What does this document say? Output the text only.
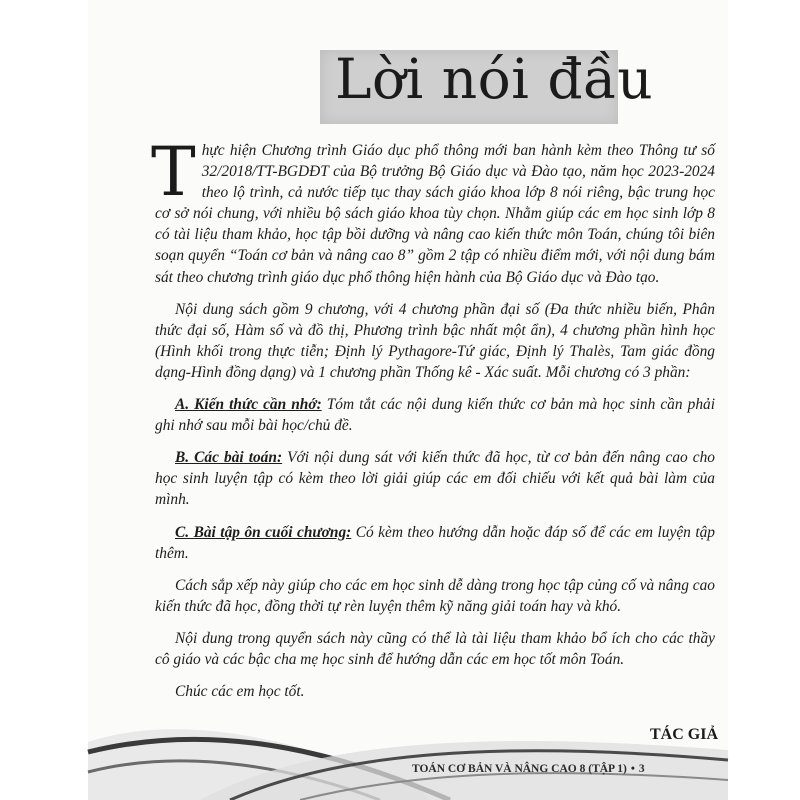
Lời nói đầu

Thực hiện Chương trình Giáo dục phổ thông mới ban hành kèm theo Thông tư số 32/2018/TT-BGDĐT của Bộ trưởng Bộ Giáo dục và Đào tạo, năm học 2023-2024 theo lộ trình, cả nước tiếp tục thay sách giáo khoa lớp 8 nói riêng, bậc trung học cơ sở nói chung, với nhiều bộ sách giáo khoa tùy chọn. Nhằm giúp các em học sinh lớp 8 có tài liệu tham khảo, học tập bồi dưỡng và nâng cao kiến thức môn Toán, chúng tôi biên soạn quyển “Toán cơ bản và nâng cao 8” gồm 2 tập có nhiều điểm mới, với nội dung bám sát theo chương trình giáo dục phổ thông hiện hành của Bộ Giáo dục và Đào tạo.

Nội dung sách gồm 9 chương, với 4 chương phần đại số (Đa thức nhiều biến, Phân thức đại số, Hàm số và đồ thị, Phương trình bậc nhất một ẩn), 4 chương phần hình học (Hình khối trong thực tiễn; Định lý Pythagore-Tứ giác, Định lý Thalès, Tam giác đồng dạng-Hình đồng dạng) và 1 chương phần Thống kê - Xác suất. Mỗi chương có 3 phần:

A. Kiến thức cần nhớ: Tóm tắt các nội dung kiến thức cơ bản mà học sinh cần phải ghi nhớ sau mỗi bài học/chủ đề.

B. Các bài toán: Với nội dung sát với kiến thức đã học, từ cơ bản đến nâng cao cho học sinh luyện tập có kèm theo lời giải giúp các em đối chiếu với kết quả bài làm của mình.

C. Bài tập ôn cuối chương: Có kèm theo hướng dẫn hoặc đáp số để các em luyện tập thêm.

Cách sắp xếp này giúp cho các em học sinh dễ dàng trong học tập củng cố và nâng cao kiến thức đã học, đồng thời tự rèn luyện thêm kỹ năng giải toán hay và khó.

Nội dung trong quyển sách này cũng có thể là tài liệu tham khảo bổ ích cho các thầy cô giáo và các bậc cha mẹ học sinh để hướng dẫn các em học tốt môn Toán.

Chúc các em học tốt.

TÁC GIẢ
TOÁN CƠ BẢN VÀ NÂNG CAO 8 (TẬP 1) • 3
